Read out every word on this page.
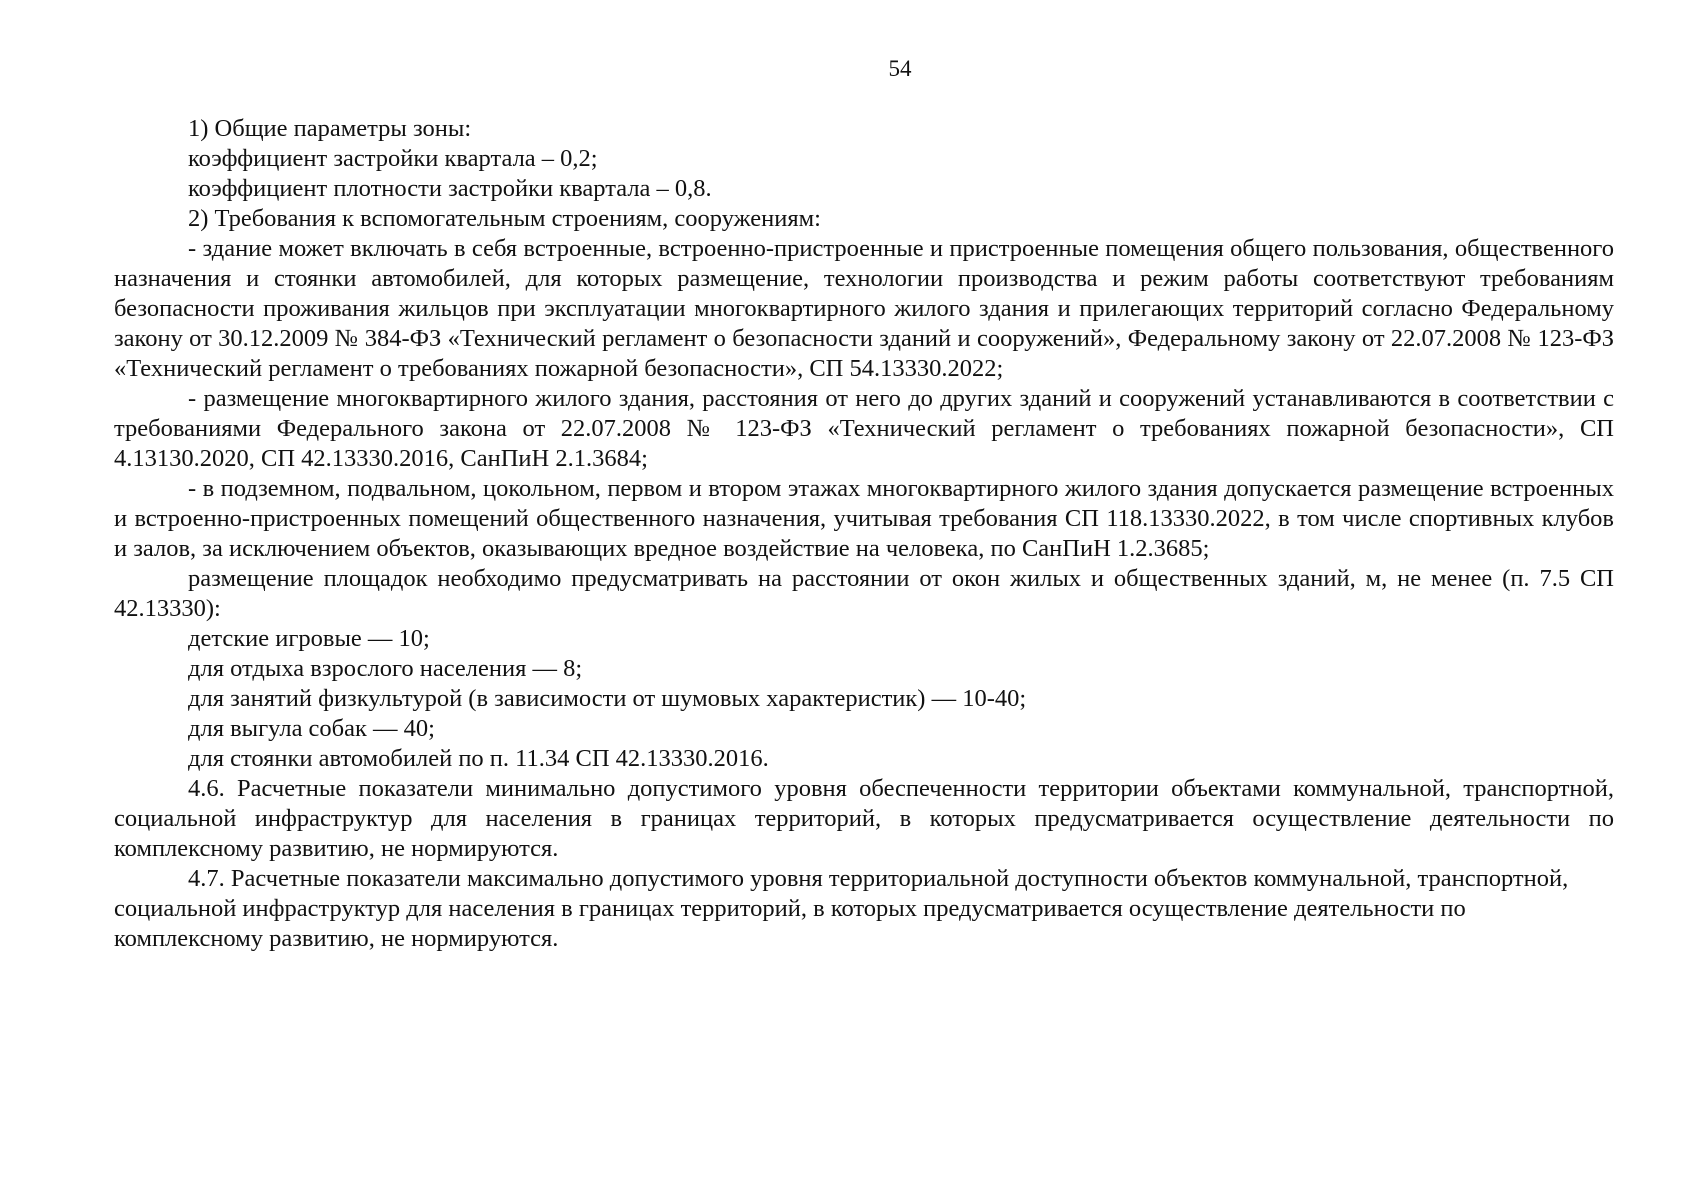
54

1) Общие параметры зоны:

коэффициент застройки квартала – 0,2;

коэффициент плотности застройки квартала – 0,8.

2) Требования к вспомогательным строениям, сооружениям:

- здание может включать в себя встроенные, встроенно-пристроенные и пристроенные помещения общего пользования, общественного назначения и стоянки автомобилей, для которых размещение, технологии производства и режим работы соответствуют требованиям безопасности проживания жильцов при эксплуатации многоквартирного жилого здания и прилегающих территорий согласно Федеральному закону от 30.12.2009 № 384-ФЗ «Технический регламент о безопасности зданий и сооружений», Федеральному закону от 22.07.2008 № 123-ФЗ «Технический регламент о требованиях пожарной безопасности», СП 54.13330.2022;

- размещение многоквартирного жилого здания, расстояния от него до других зданий и сооружений устанавливаются в соответствии с требованиями Федерального закона от 22.07.2008 № 123-ФЗ «Технический регламент о требованиях пожарной безопасности», СП 4.13130.2020, СП 42.13330.2016, СанПиН 2.1.3684;

- в подземном, подвальном, цокольном, первом и втором этажах многоквартирного жилого здания допускается размещение встроенных и встроенно-пристроенных помещений общественного назначения, учитывая требования СП 118.13330.2022, в том числе спортивных клубов и залов, за исключением объектов, оказывающих вредное воздействие на человека, по СанПиН 1.2.3685;

размещение площадок необходимо предусматривать на расстоянии от окон жилых и общественных зданий, м, не менее (п. 7.5 СП 42.13330):

детские игровые — 10;

для отдыха взрослого населения — 8;

для занятий физкультурой (в зависимости от шумовых характеристик) — 10-40;

для выгула собак — 40;

для стоянки автомобилей по п. 11.34 СП 42.13330.2016.

4.6. Расчетные показатели минимально допустимого уровня обеспеченности территории объектами коммунальной, транспортной, социальной инфраструктур для населения в границах территорий, в которых предусматривается осуществление деятельности по комплексному развитию, не нормируются.

4.7. Расчетные показатели максимально допустимого уровня территориальной доступности объектов коммунальной, транспортной, социальной инфраструктур для населения в границах территорий, в которых предусматривается осуществление деятельности по комплексному развитию, не нормируются.
